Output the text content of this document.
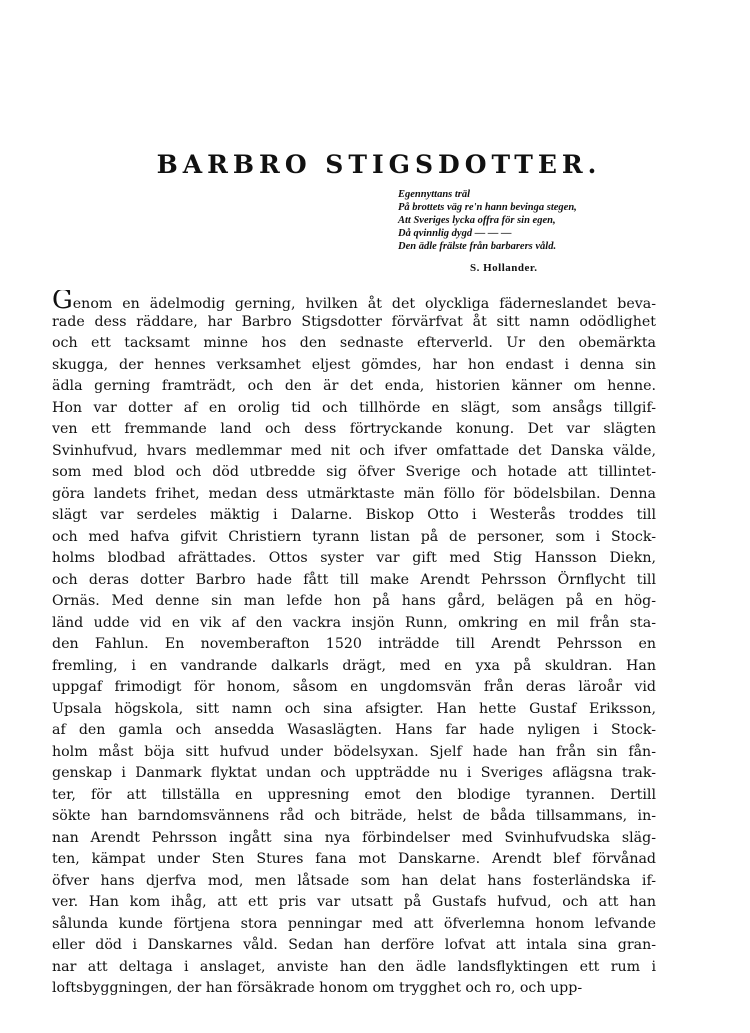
BARBRO STIGSDOTTER.
Egennyttans träl
På brottets väg re'n hann bevinga stegen,
Att Sveriges lycka offra för sin egen,
Då qvinnlig dygd — — —
Den ädle frälste från barbarers våld.
S. Hollander.
Genom en ädelmodig gerning, hvilken åt det olyckliga fäderneslandet beva-
rade dess räddare, har Barbro Stigsdotter förvärfvat åt sitt namn odödlighet
och ett tacksamt minne hos den sednaste efterverld. Ur den obemärkta
skugga, der hennes verksamhet eljest gömdes, har hon endast i denna sin
ädla gerning framträdt, och den är det enda, historien känner om henne.
Hon var dotter af en orolig tid och tillhörde en slägt, som ansågs tillgif-
ven ett fremmande land och dess förtryckande konung. Det var slägten
Svinhufvud, hvars medlemmar med nit och ifver omfattade det Danska välde,
som med blod och död utbredde sig öfver Sverige och hotade att tillintet-
göra landets frihet, medan dess utmärktaste män föllo för bödelsbilan. Denna
slägt var serdeles mäktig i Dalarne. Biskop Otto i Westerås troddes till
och med hafva gifvit Christiern tyrann listan på de personer, som i Stock-
holms blodbad afrättades. Ottos syster var gift med Stig Hansson Diekn,
och deras dotter Barbro hade fått till make Arendt Pehrsson Örnflycht till
Ornäs. Med denne sin man lefde hon på hans gård, belägen på en hög-
länd udde vid en vik af den vackra insjön Runn, omkring en mil från sta-
den Fahlun. En novemberafton 1520 inträdde till Arendt Pehrsson en
fremling, i en vandrande dalkarls drägt, med en yxa på skuldran. Han
uppgaf frimodigt för honom, såsom en ungdomsvän från deras läroår vid
Upsala högskola, sitt namn och sina afsigter. Han hette Gustaf Eriksson,
af den gamla och ansedda Wasaslägten. Hans far hade nyligen i Stock-
holm måst böja sitt hufvud under bödelsyxan. Sjelf hade han från sin fån-
genskap i Danmark flyktat undan och uppträdde nu i Sveriges aflägsna trak-
ter, för att tillställa en uppresning emot den blodige tyrannen. Dertill
sökte han barndomsvännens råd och biträde, helst de båda tillsammans, in-
nan Arendt Pehrsson ingått sina nya förbindelser med Svinhufvudska släg-
ten, kämpat under Sten Stures fana mot Danskarne. Arendt blef förvånad
öfver hans djerfva mod, men låtsade som han delat hans fosterländska if-
ver. Han kom ihåg, att ett pris var utsatt på Gustafs hufvud, och att han
sålunda kunde förtjena stora penningar med att öfverlemna honom lefvande
eller död i Danskarnes våld. Sedan han derföre lofvat att intala sina gran-
nar att deltaga i anslaget, anviste han den ädle landsflyktingen ett rum i
loftsbyggningen, der han försäkrade honom om trygghet och ro, och upp-
